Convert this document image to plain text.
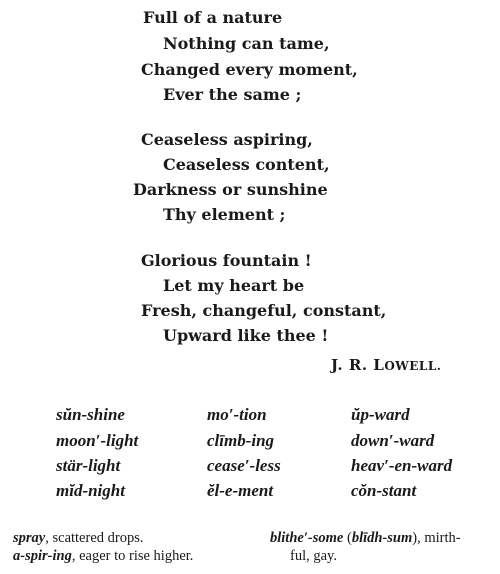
Full of a nature
Nothing can tame,
Changed every moment,
Ever the same ;
Ceaseless aspiring,
Ceaseless content,
Darkness or sunshine
Thy element ;
Glorious fountain !
Let my heart be
Fresh, changeful, constant,
Upward like thee !
J. R. LOWELL.
sŭn-shine
moon′-light
stär-light
mĭd-night
mo′-tion
clīmb-ing
cease′-less
ĕl-e-ment
ŭp-ward
down′-ward
heav′-en-ward
cŏn-stant
spray, scattered drops.
a-spir-ing, eager to rise higher.
blithe′-some (blīdh-sum), mirth-
ful, gay.
